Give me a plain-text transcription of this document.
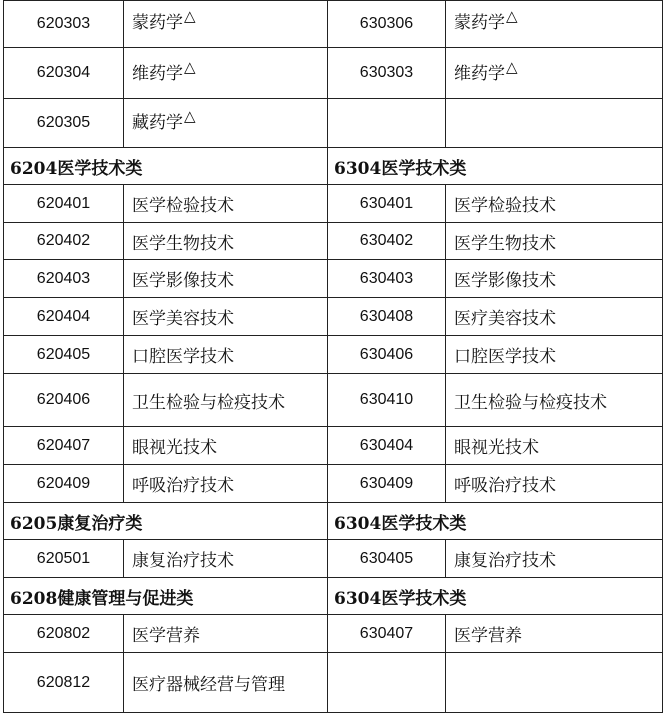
620303	蒙药学△	630306	蒙药学△
620304	维药学△	630303	维药学△
620305	藏药学△		
6204医学技术类		6304医学技术类	
620401	医学检验技术	630401	医学检验技术
620402	医学生物技术	630402	医学生物技术
620403	医学影像技术	630403	医学影像技术
620404	医学美容技术	630408	医疗美容技术
620405	口腔医学技术	630406	口腔医学技术
620406	卫生检验与检疫技术	630410	卫生检验与检疫技术
620407	眼视光技术	630404	眼视光技术
620409	呼吸治疗技术	630409	呼吸治疗技术
6205康复治疗类		6304医学技术类	
620501	康复治疗技术	630405	康复治疗技术
6208健康管理与促进类		6304医学技术类	
620802	医学营养	630407	医学营养
620812	医疗器械经营与管理		
